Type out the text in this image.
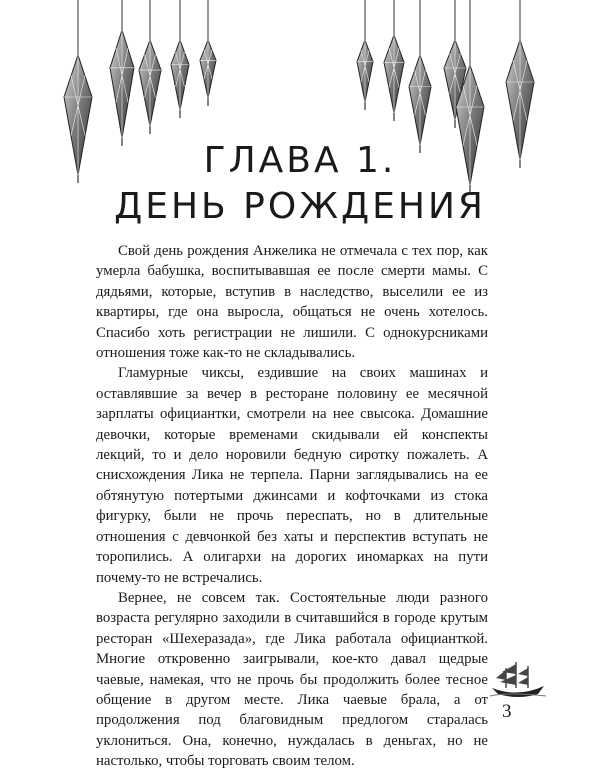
ГЛАВА 1.
ДЕНЬ РОЖДЕНИЯ

Свой день рождения Анжелика не отмечала с тех пор, как умерла бабушка, воспитывавшая ее после смерти мамы. С дядьями, которые, вступив в наследство, выселили ее из квартиры, где она выросла, общаться не очень хотелось. Спасибо хоть регистрации не лишили. С однокурсниками отношения тоже как-то не складывались.

Гламурные чиксы, ездившие на своих машинах и оставлявшие за вечер в ресторане половину ее месячной зарплаты официантки, смотрели на нее свысока. Домашние девочки, которые временами скидывали ей конспекты лекций, то и дело норовили бедную сиротку пожалеть. А снисхождения Лика не терпела. Парни заглядывались на ее обтянутую потертыми джинсами и кофточками из стока фигурку, были не прочь переспать, но в длительные отношения с девчонкой без хаты и перспектив вступать не торопились. А олигархи на дорогих иномарках на пути почему-то не встречались.

Вернее, не совсем так. Состоятельные люди разного возраста регулярно заходили в считавшийся в городе крутым ресторан «Шехеразада», где Лика работала официанткой. Многие откровенно заигрывали, кое-кто давал щедрые чаевые, намекая, что не прочь бы продолжить более тесное общение в другом месте. Лика чаевые брала, а от продолжения под благовидным предлогом старалась уклониться. Она, конечно, нуждалась в деньгах, но не настолько, чтобы торговать своим телом.

3
